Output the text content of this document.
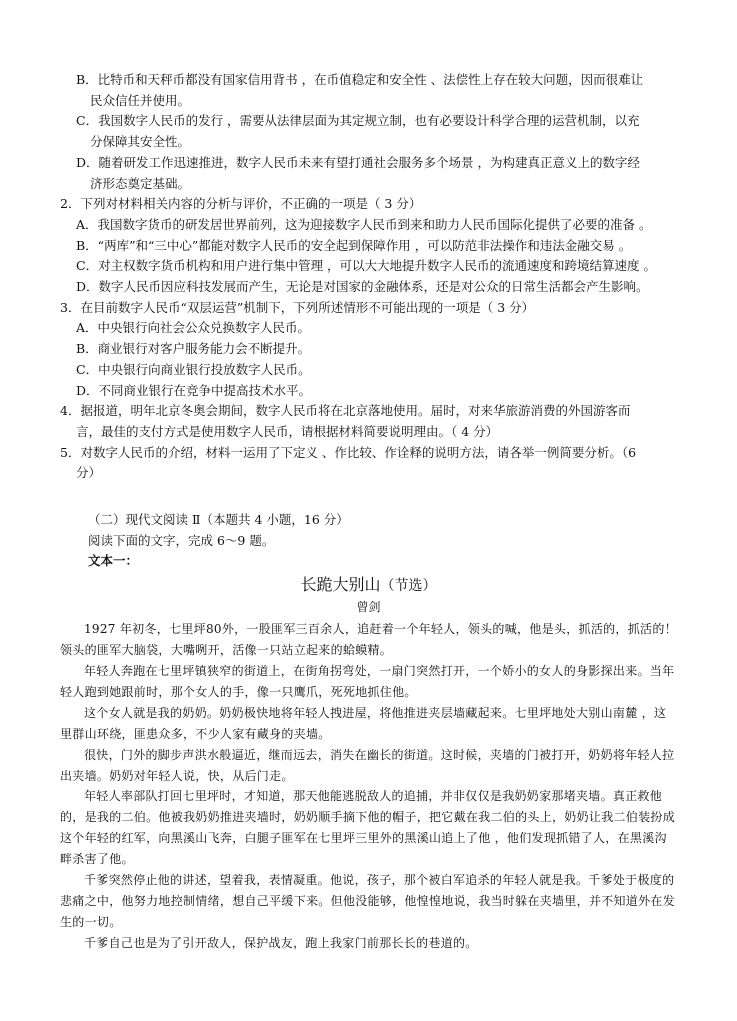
B．比特币和天秤币都没有国家信用背书 ，在币值稳定和安全性 、法偿性上存在较大问题，因而很难让

民众信任并使用。

C．我国数字人民币的发行 ，需要从法律层面为其定规立制，也有必要设计科学合理的运营机制，以充

分保障其安全性。

D．随着研发工作迅速推进，数字人民币未来有望打通社会服务多个场景 ，为构建真正意义上的数字经

济形态奠定基础。

2．下列对材料相关内容的分析与评价，不正确的一项是（ 3 分）

A．我国数字货币的研发居世界前列，这为迎接数字人民币到来和助力人民币国际化提供了必要的准备 。

B．“两库”和“三中心”都能对数字人民币的安全起到保障作用 ，可以防范非法操作和违法金融交易 。

C．对主权数字货币机构和用户进行集中管理 ，可以大大地提升数字人民币的流通速度和跨境结算速度 。

D．数字人民币因应科技发展而产生，无论是对国家的金融体系，还是对公众的日常生活都会产生影响。

3．在目前数字人民币“双层运营”机制下，下列所述情形不可能出现的一项是（ 3 分）

A．中央银行向社会公众兑换数字人民币。

B．商业银行对客户服务能力会不断提升。

C．中央银行向商业银行投放数字人民币。

D．不同商业银行在竞争中提高技术水平。

4．据报道，明年北京冬奥会期间，数字人民币将在北京落地使用。届时，对来华旅游消费的外国游客而

言，最佳的支付方式是使用数字人民币，请根据材料简要说明理由。（ 4 分）

5．对数字人民币的介绍，材料一运用了下定义 、作比较、作诠释的说明方法，请各举一例简要分析。（6

分）

（二）现代文阅读 Ⅱ（本题共 4 小题，16 分）

阅读下面的文字，完成 6～9 题。

文本一：

长跪大别山（节选）

曾剑

1927 年初冬，七里坪80外，一股匪军三百余人，追赶着一个年轻人，领头的喊，他是头，抓活的，抓活的！领头的匪军大脑袋，大嘴咧开，活像一只站立起来的蛤蟆精。

年轻人奔跑在七里坪镇狭窄的街道上，在街角拐弯处，一扇门突然打开，一个娇小的女人的身影探出来。当年轻人跑到她跟前时，那个女人的手，像一只鹰爪，死死地抓住他。

这个女人就是我的奶奶。奶奶极快地将年轻人拽进屋，将他推进夹层墙藏起来。七里坪地处大别山南麓 ，这里群山环绕，匪患众多，不少人家有藏身的夹墙。

很快，门外的脚步声洪水般逼近，继而远去，消失在幽长的街道。这时候，夹墙的门被打开，奶奶将年轻人拉出夹墙。奶奶对年轻人说，快，从后门走。

年轻人率部队打回七里坪时，才知道，那天他能逃脱敌人的追捕，并非仅仅是我奶奶家那堵夹墙。真正救他的，是我的二伯。他被我奶奶推进夹墙时，奶奶顺手摘下他的帽子，把它戴在我二伯的头上，奶奶让我二伯装扮成这个年轻的红军，向黑溪山飞奔，白腿子匪军在七里坪三里外的黑溪山追上了他 ，他们发现抓错了人，在黑溪沟畔杀害了他。

千爹突然停止他的讲述，望着我，表情凝重。他说，孩子，那个被白军追杀的年轻人就是我。千爹处于极度的悲痛之中，他努力地控制情绪，想自己平缓下来。但他没能够，他惶惶地说，我当时躲在夹墙里，并不知道外在发生的一切。

千爹自己也是为了引开敌人，保护战友，跑上我家门前那长长的巷道的。
